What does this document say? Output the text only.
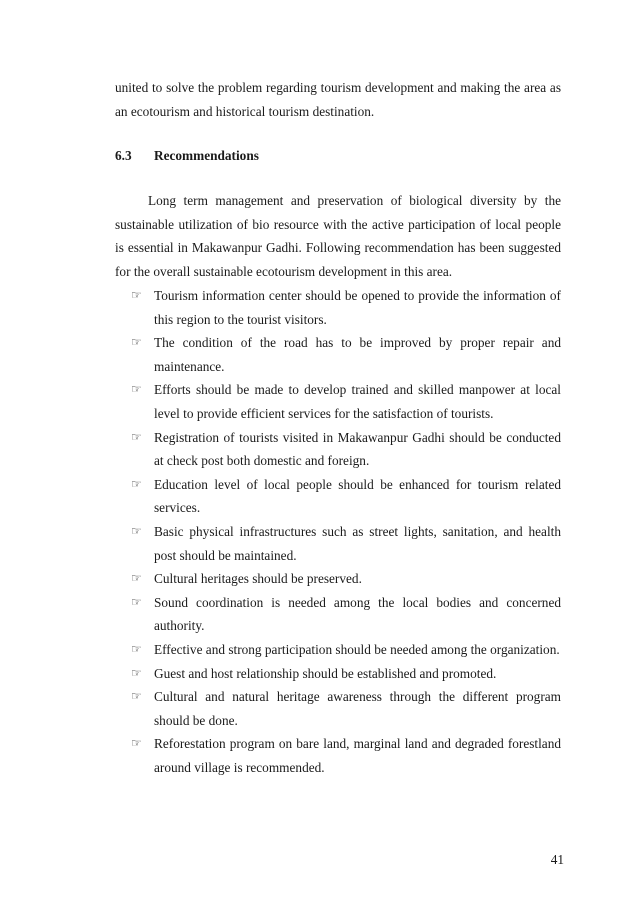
united to solve the problem regarding tourism development and making the area as an ecotourism and historical tourism destination.

6.3 Recommendations

Long term management and preservation of biological diversity by the sustainable utilization of bio resource with the active participation of local people is essential in Makawanpur Gadhi. Following recommendation has been suggested for the overall sustainable ecotourism development in this area.

☞ Tourism information center should be opened to provide the information of this region to the tourist visitors.
☞ The condition of the road has to be improved by proper repair and maintenance.
☞ Efforts should be made to develop trained and skilled manpower at local level to provide efficient services for the satisfaction of tourists.
☞ Registration of tourists visited in Makawanpur Gadhi should be conducted at check post both domestic and foreign.
☞ Education level of local people should be enhanced for tourism related services.
☞ Basic physical infrastructures such as street lights, sanitation, and health post should be maintained.
☞ Cultural heritages should be preserved.
☞ Sound coordination is needed among the local bodies and concerned authority.
☞ Effective and strong participation should be needed among the organization.
☞ Guest and host relationship should be established and promoted.
☞ Cultural and natural heritage awareness through the different program should be done.
☞ Reforestation program on bare land, marginal land and degraded forestland around village is recommended.
41
